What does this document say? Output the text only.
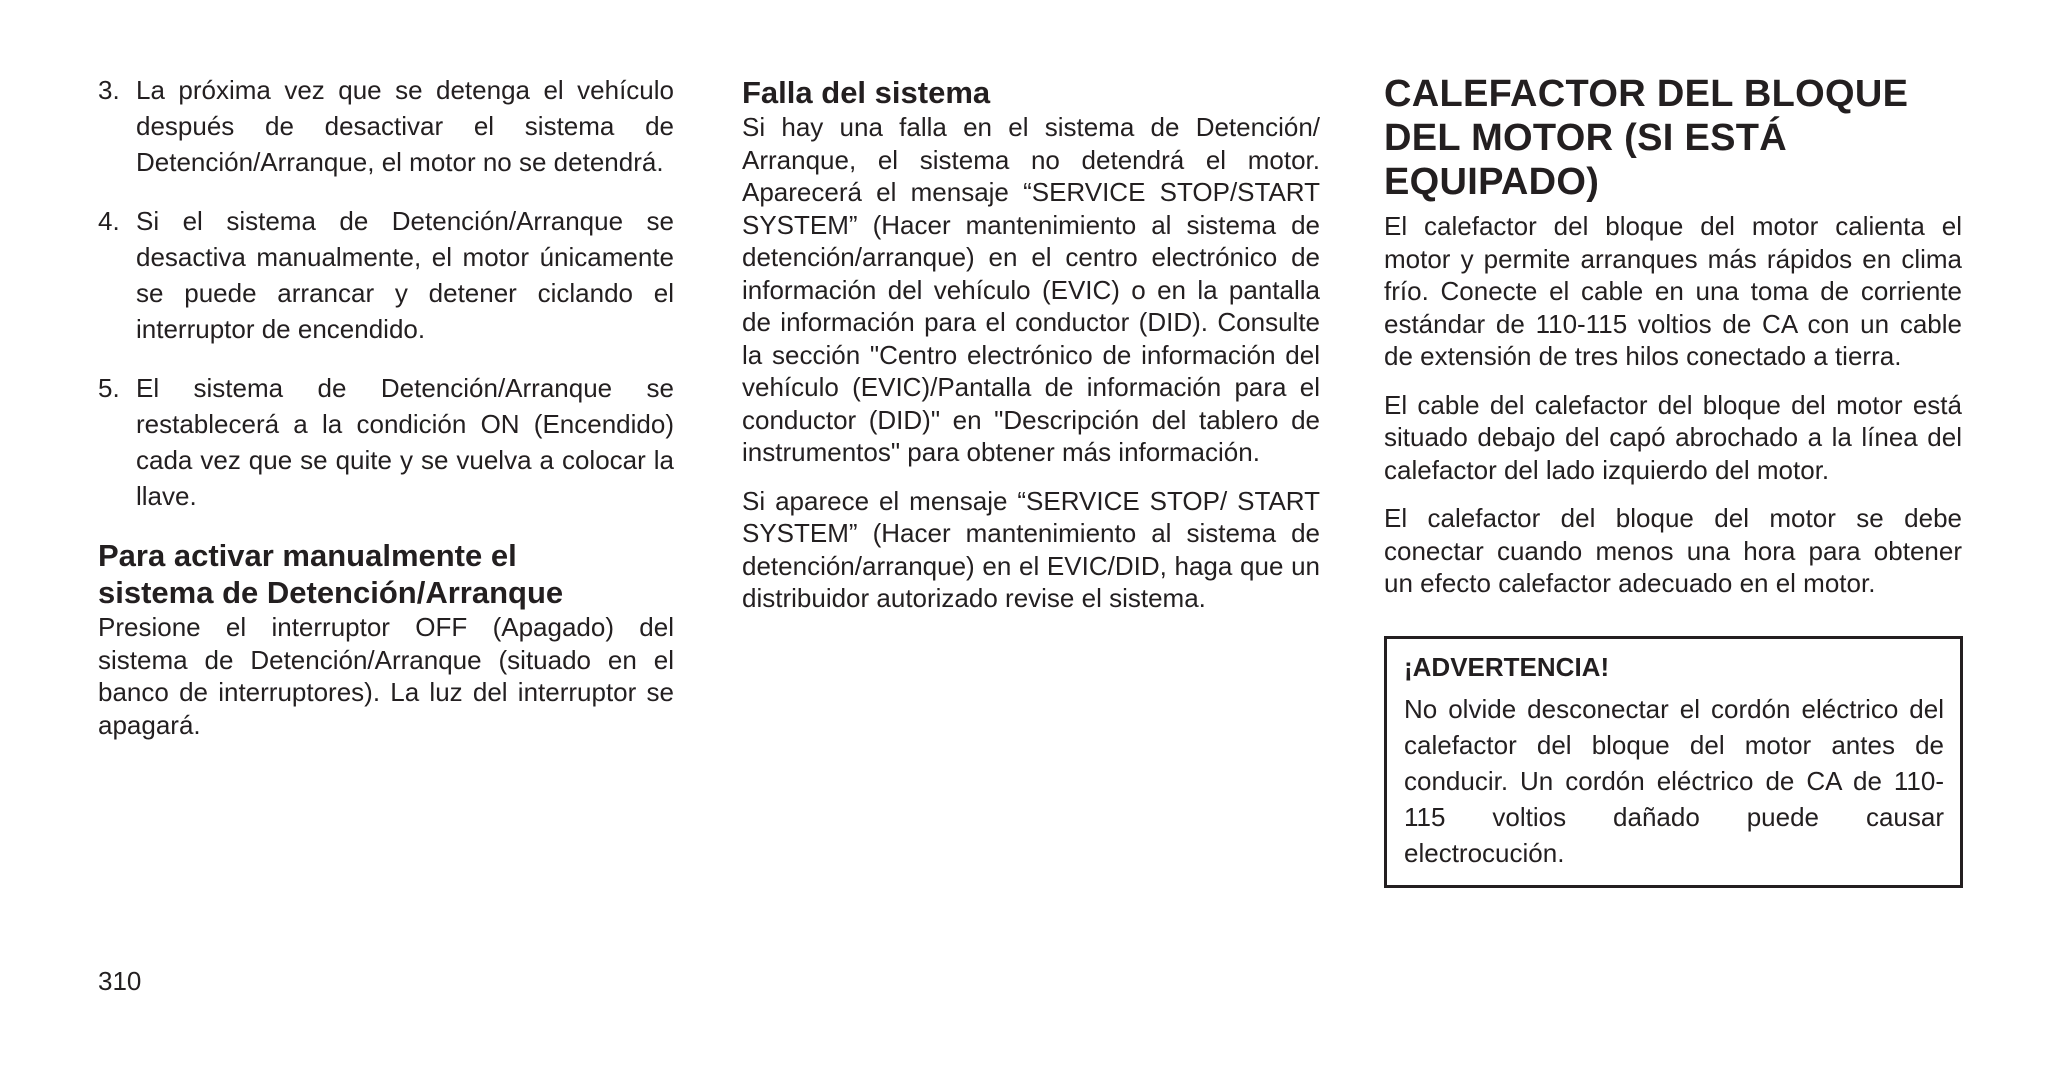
3. La próxima vez que se detenga el vehículo después de desactivar el sistema de Detención/Arranque, el motor no se detendrá.
4. Si el sistema de Detención/Arranque se desactiva manualmente, el motor únicamente se puede arrancar y detener ciclando el interruptor de encendido.
5. El sistema de Detención/Arranque se restablecerá a la condición ON (Encendido) cada vez que se quite y se vuelva a colocar la llave.
Para activar manualmente el
sistema de Detención/Arranque

Presione el interruptor OFF (Apagado) del sistema de Detención/Arranque (situado en el banco de interruptores). La luz del interruptor se apagará.

Falla del sistema

Si hay una falla en el sistema de Detención/ Arranque, el sistema no detendrá el motor. Aparecerá el mensaje “SERVICE STOP/START SYSTEM” (Hacer mantenimiento al sistema de detención/arranque) en el centro electrónico de información del vehículo (EVIC) o en la pantalla de información para el conductor (DID). Consulte la sección "Centro electrónico de información del vehículo (EVIC)/Pantalla de información para el conductor (DID)" en "Descripción del tablero de instrumentos" para obtener más información.

Si aparece el mensaje “SERVICE STOP/ START SYSTEM” (Hacer mantenimiento al sistema de detención/arranque) en el EVIC/DID, haga que un distribuidor autorizado revise el sistema.

CALEFACTOR DEL BLOQUE
DEL MOTOR (SI ESTÁ
EQUIPADO)

El calefactor del bloque del motor calienta el motor y permite arranques más rápidos en clima frío. Conecte el cable en una toma de corriente estándar de 110-115 voltios de CA con un cable de extensión de tres hilos conectado a tierra.

El cable del calefactor del bloque del motor está situado debajo del capó abrochado a la línea del calefactor del lado izquierdo del motor.

El calefactor del bloque del motor se debe conectar cuando menos una hora para obtener un efecto calefactor adecuado en el motor.

¡ADVERTENCIA!

No olvide desconectar el cordón eléctrico del calefactor del bloque del motor antes de conducir. Un cordón eléctrico de CA de 110-115 voltios dañado puede causar electrocución.

310
